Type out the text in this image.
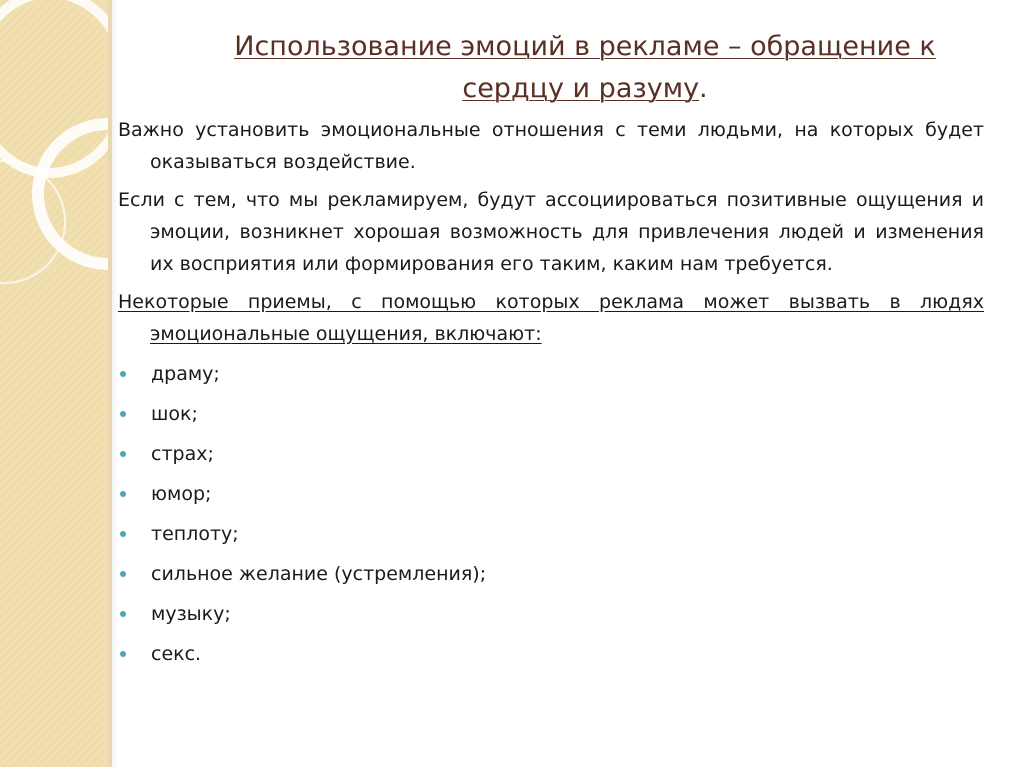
Использование эмоций в рекламе – обращение к
сердцу и разуму.

Важно установить эмоциональные отношения с теми людьми, на которых будет оказываться воздействие.

Если с тем, что мы рекламируем, будут ассоциироваться позитивные ощущения и эмоции, возникнет хорошая возможность для привлечения людей и изменения их восприятия или формирования его таким, каким нам требуется.

Некоторые приемы, с помощью которых реклама может вызвать в людях эмоциональные ощущения, включают:

драму;
шок;
страх;
юмор;
теплоту;
сильное желание (устремления);
музыку;
секс.
